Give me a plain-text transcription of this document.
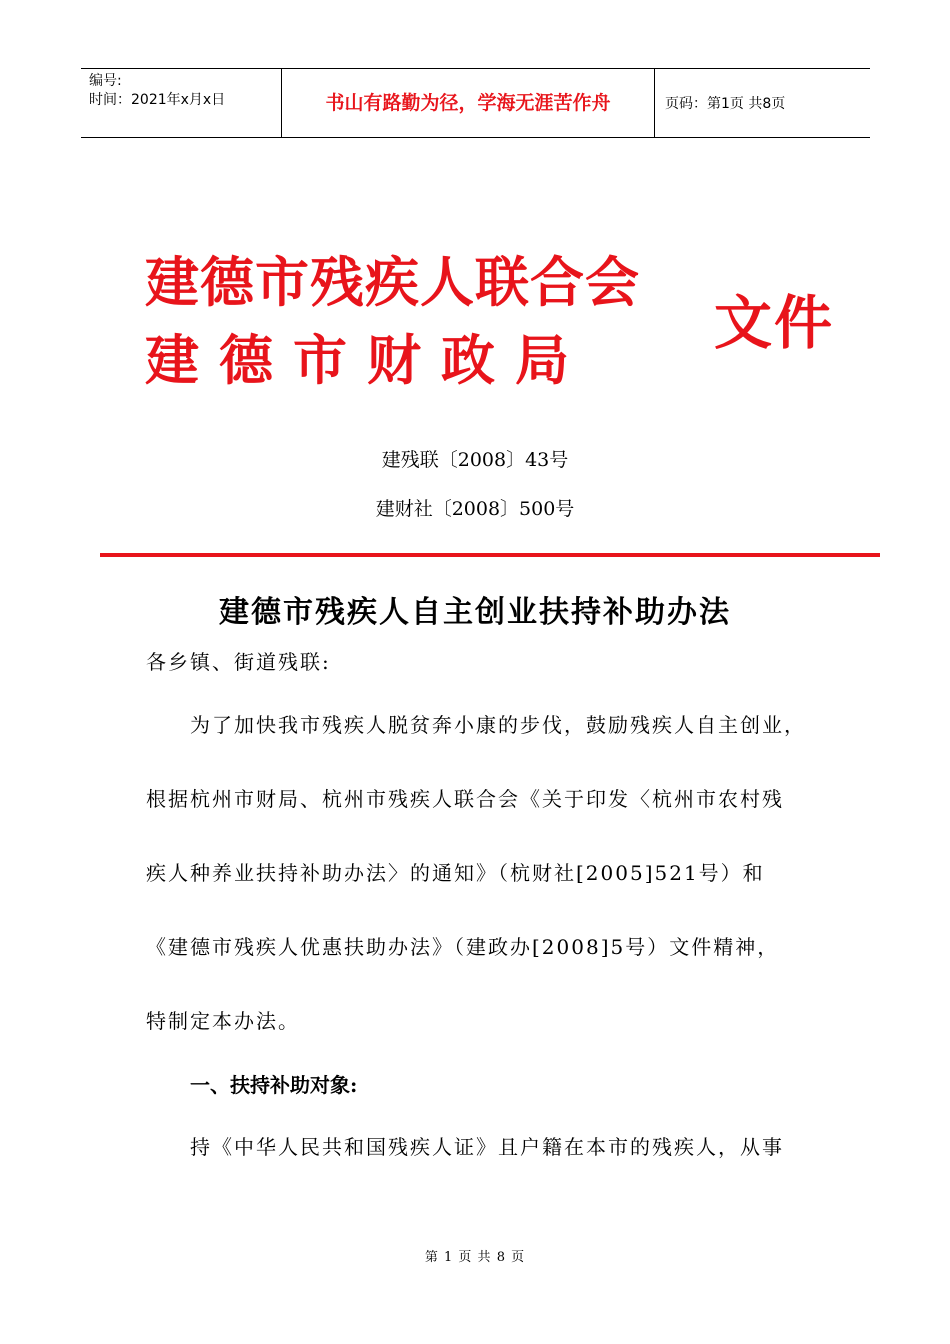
编号:
时间：2021年x月x日	书山有路勤为径，学海无涯苦作舟	页码：第1页 共8页
建德市残疾人联合会
建德市财政局
文件
建残联〔2008〕43号
建财社〔2008〕500号
建德市残疾人自主创业扶持补助办法
各乡镇、街道残联:
为了加快我市残疾人脱贫奔小康的步伐，鼓励残疾人自主创业，
根据杭州市财局、杭州市残疾人联合会《关于印发〈杭州市农村残
疾人种养业扶持补助办法〉的通知》（杭财社[2005]521号）和
《建德市残疾人优惠扶助办法》（建政办[2008]5号）文件精神，
特制定本办法。
一、扶持补助对象:
持《中华人民共和国残疾人证》且户籍在本市的残疾人，从事
第 1 页 共 8 页
